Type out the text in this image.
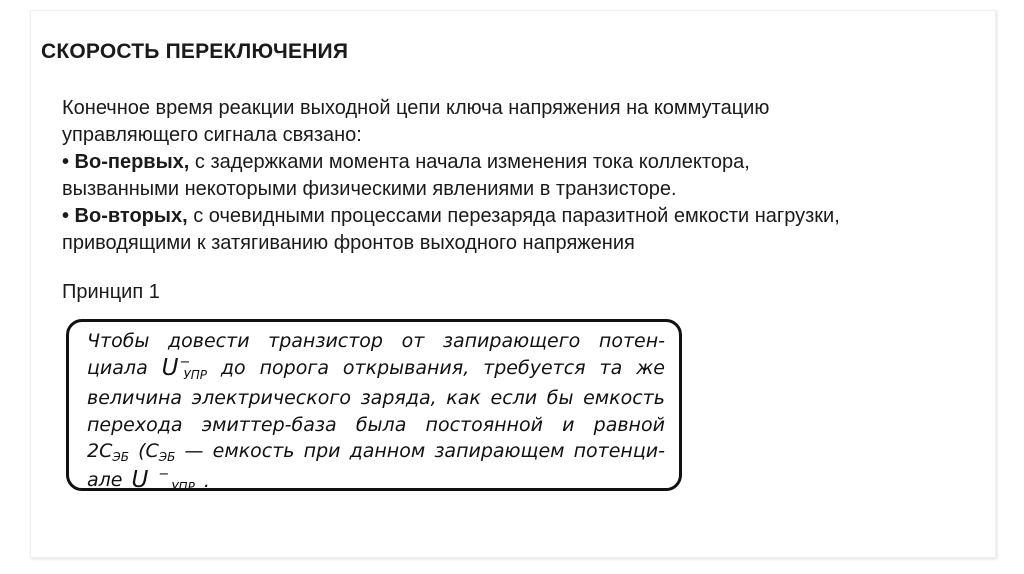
СКОРОСТЬ ПЕРЕКЛЮЧЕНИЯ

Конечное время реакции выходной цепи ключа напряжения на коммутацию

управляющего сигнала связано:

• Во-первых, с задержками момента начала изменения тока коллектора,

вызванными некоторыми физическими явлениями в транзисторе.

• Во-вторых, с очевидными процессами перезаряда паразитной емкости нагрузки,

приводящими к затягиванию фронтов выходного напряжения

Принцип 1
Чтобы довести транзистор от запирающего потен-
циала U−УПР до порога открывания, требуется та же
величина электрического заряда, как если бы емкость
перехода эмиттер-база была постоянной и равной
2CЭБ (CЭБ — емкость при данном запирающем потенци-
але U −УПР .
